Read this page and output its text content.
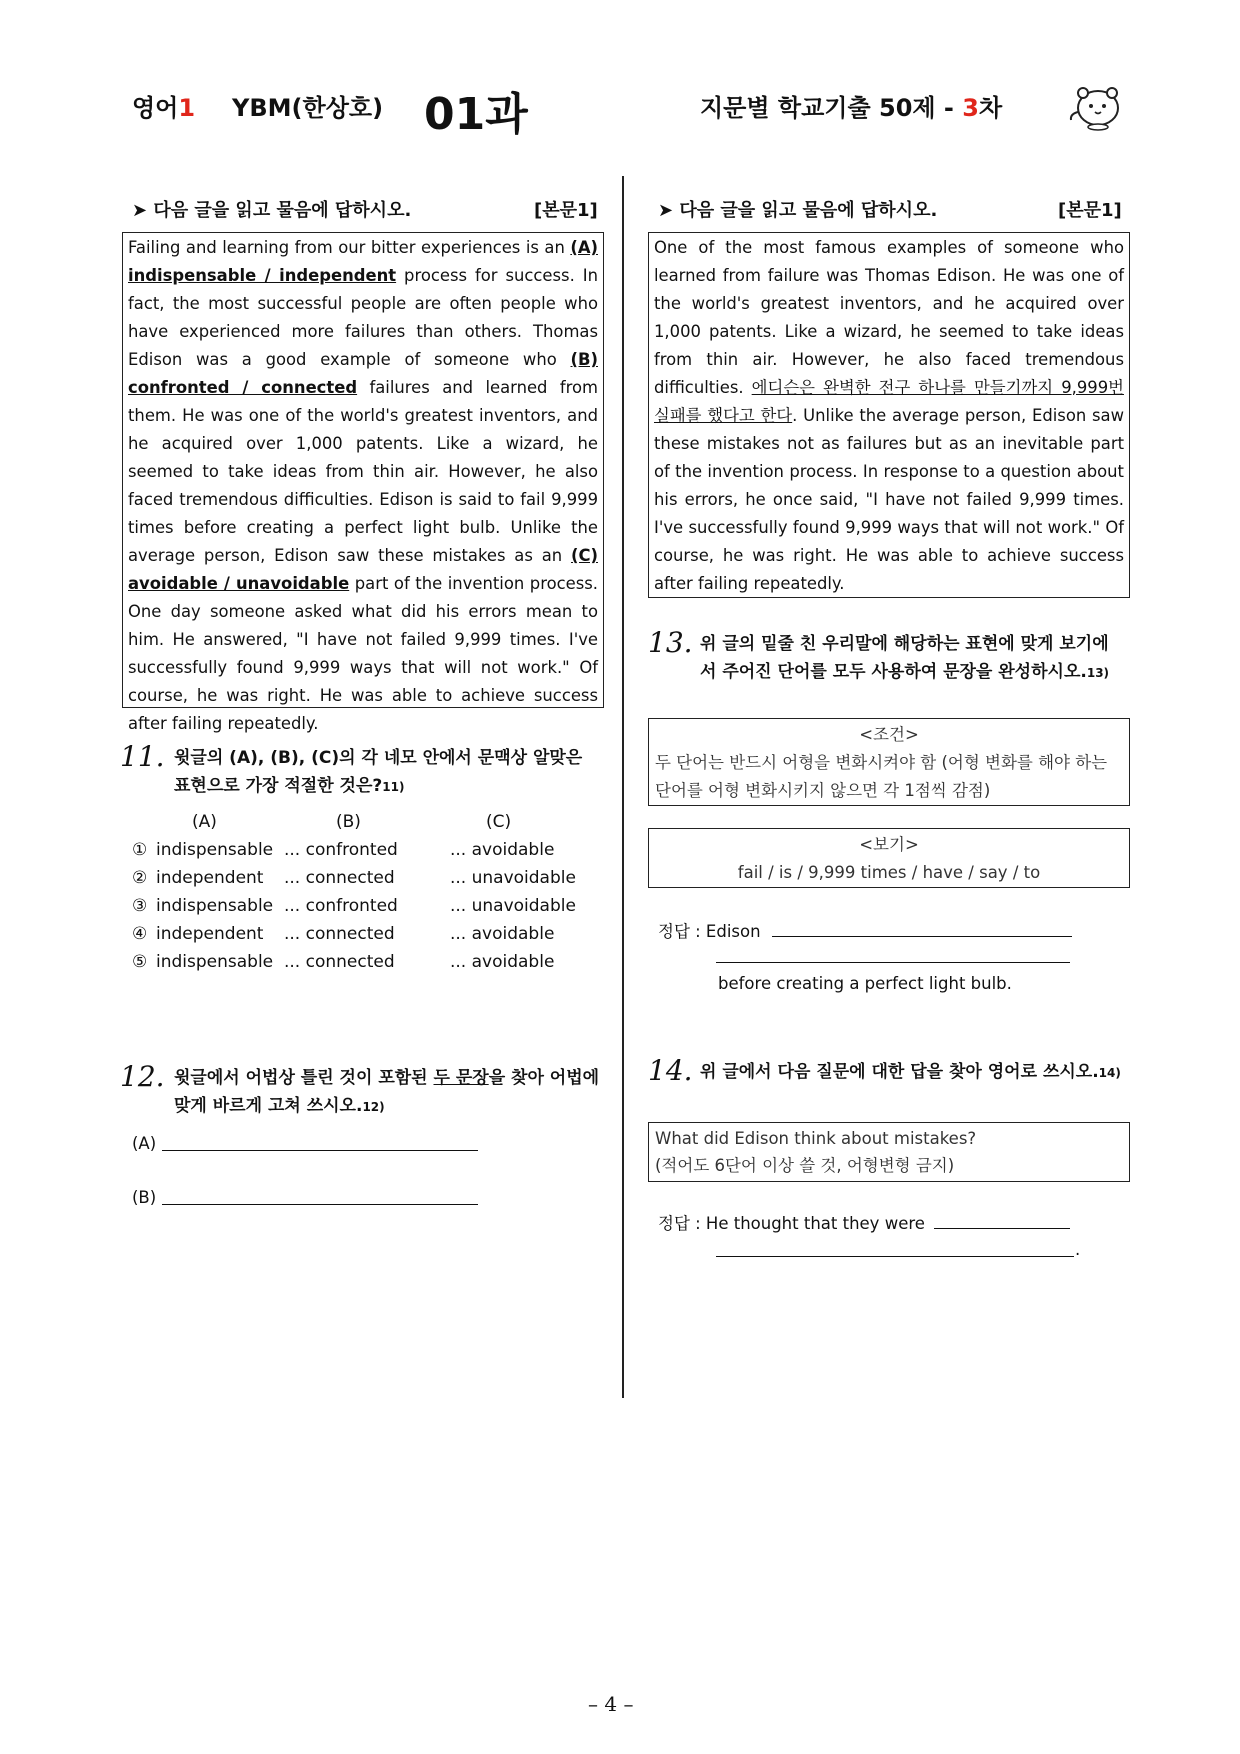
영어1 YBM(한상호) 01과	지문별 학교기출 50제 - 3차
➤ 다음 글을 읽고 물음에 답하시오.	[본문1]
Failing and learning from our bitter experiences is an (A) indispensable / independent process for success. In fact, the most successful people are often people who have experienced more failures than others. Thomas Edison was a good example of someone who (B) confronted / connected failures and learned from them. He was one of the world's greatest inventors, and he acquired over 1,000 patents. Like a wizard, he seemed to take ideas from thin air. However, he also faced tremendous difficulties. Edison is said to fail 9,999 times before creating a perfect light bulb. Unlike the average person, Edison saw these mistakes as an (C) avoidable / unavoidable part of the invention process. One day someone asked what did his errors mean to him. He answered, "I have not failed 9,999 times. I've successfully found 9,999 ways that will not work." Of course, he was right. He was able to achieve success after failing repeatedly.
11. 윗글의 (A), (B), (C)의 각 네모 안에서 문맥상 알맞은 표현으로 가장 적절한 것은?11)
(A)	(B)	(C)
① indispensable ... confronted	... avoidable
② independent ... connected	... unavoidable
③ indispensable ... confronted	... unavoidable
④ independent ... connected	... avoidable
⑤ indispensable ... connected	... avoidable
12. 윗글에서 어법상 틀린 것이 포함된 두 문장을 찾아 어법에 맞게 바르게 고쳐 쓰시오.12)
(A)
(B)
➤ 다음 글을 읽고 물음에 답하시오.	[본문1]
One of the most famous examples of someone who learned from failure was Thomas Edison. He was one of the world's greatest inventors, and he acquired over 1,000 patents. Like a wizard, he seemed to take ideas from thin air. However, he also faced tremendous difficulties. 에디슨은 완벽한 전구 하나를 만들기까지 9,999번 실패를 했다고 한다. Unlike the average person, Edison saw these mistakes not as failures but as an inevitable part of the invention process. In response to a question about his errors, he once said, "I have not failed 9,999 times. I've successfully found 9,999 ways that will not work." Of course, he was right. He was able to achieve success after failing repeatedly.
13. 위 글의 밑줄 친 우리말에 해당하는 표현에 맞게 보기에서 주어진 단어를 모두 사용하여 문장을 완성하시오.13)
<조건>
두 단어는 반드시 어형을 변화시켜야 함 (어형 변화를 해야 하는 단어를 어형 변화시키지 않으면 각 1점씩 감점)
<보기>
fail / is / 9,999 times / have / say / to
정답 : Edison
before creating a perfect light bulb.
14. 위 글에서 다음 질문에 대한 답을 찾아 영어로 쓰시오.14)
What did Edison think about mistakes?
(적어도 6단어 이상 쓸 것, 어형변형 금지)
정답 : He thought that they were
.
– 4 –
